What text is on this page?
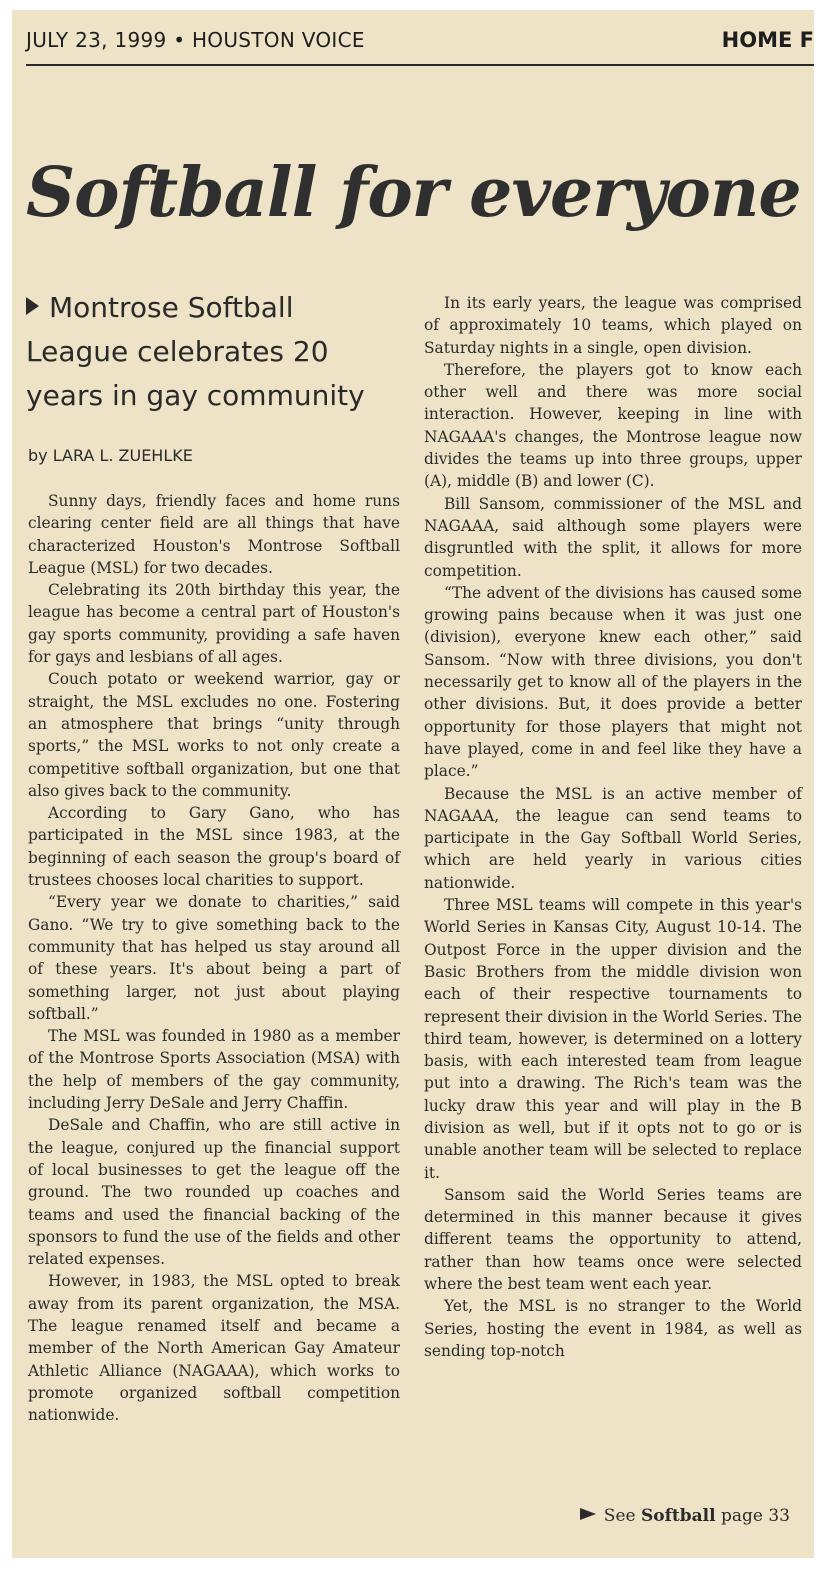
JULY 23, 1999 • HOUSTON VOICE	HOME F
Softball for everyone
Montrose Softball League celebrates 20 years in gay community
by LARA L. ZUEHLKE

Sunny days, friendly faces and home runs clearing center field are all things that have characterized Houston's Montrose Softball League (MSL) for two decades.

Celebrating its 20th birthday this year, the league has become a central part of Houston's gay sports community, providing a safe haven for gays and lesbians of all ages.

Couch potato or weekend warrior, gay or straight, the MSL excludes no one. Fostering an atmosphere that brings “unity through sports,” the MSL works to not only create a competitive softball organization, but one that also gives back to the community.

According to Gary Gano, who has participated in the MSL since 1983, at the beginning of each season the group's board of trustees chooses local charities to support.

“Every year we donate to charities,” said Gano. “We try to give something back to the community that has helped us stay around all of these years. It's about being a part of something larger, not just about playing softball.”

The MSL was founded in 1980 as a member of the Montrose Sports Association (MSA) with the help of members of the gay community, including Jerry DeSale and Jerry Chaffin.

DeSale and Chaffin, who are still active in the league, conjured up the financial support of local businesses to get the league off the ground. The two rounded up coaches and teams and used the financial backing of the sponsors to fund the use of the fields and other related expenses.

However, in 1983, the MSL opted to break away from its parent organization, the MSA. The league renamed itself and became a member of the North American Gay Amateur Athletic Alliance (NAGAAA), which works to promote organized softball competition nationwide.

In its early years, the league was comprised of approximately 10 teams, which played on Saturday nights in a single, open division.

Therefore, the players got to know each other well and there was more social interaction. However, keeping in line with NAGAAA's changes, the Montrose league now divides the teams up into three groups, upper (A), middle (B) and lower (C).

Bill Sansom, commissioner of the MSL and NAGAAA, said although some players were disgruntled with the split, it allows for more competition.

“The advent of the divisions has caused some growing pains because when it was just one (division), everyone knew each other,” said Sansom. “Now with three divisions, you don't necessarily get to know all of the players in the other divisions. But, it does provide a better opportunity for those players that might not have played, come in and feel like they have a place.”

Because the MSL is an active member of NAGAAA, the league can send teams to participate in the Gay Softball World Series, which are held yearly in various cities nationwide.

Three MSL teams will compete in this year's World Series in Kansas City, August 10-14. The Outpost Force in the upper division and the Basic Brothers from the middle division won each of their respective tournaments to represent their division in the World Series. The third team, however, is determined on a lottery basis, with each interested team from league put into a drawing. The Rich's team was the lucky draw this year and will play in the B division as well, but if it opts not to go or is unable another team will be selected to replace it.

Sansom said the World Series teams are determined in this manner because it gives different teams the opportunity to attend, rather than how teams once were selected where the best team went each year.

Yet, the MSL is no stranger to the World Series, hosting the event in 1984, as well as sending top-notch

See Softball page 33
